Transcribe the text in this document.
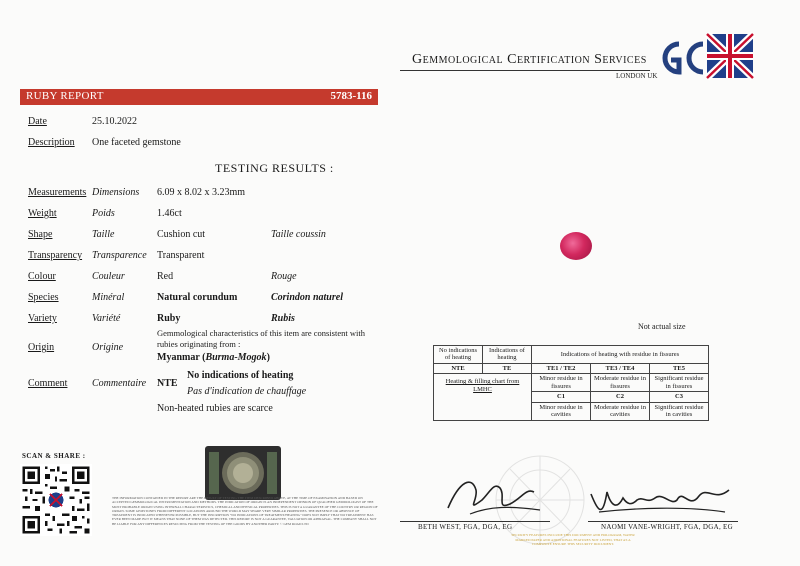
Gemmological Certification Services
LONDON UK
RUBY REPORT	5783-116
Date	25.10.2022
Description One faceted gemstone
TESTING RESULTS :
Measurements Dimensions 6.09 x 8.02 x 3.23mm
Weight	Poids	1.46ct
Shape	Taille	Cushion cut	Taille coussin
Transparency Transparence Transparent
Colour	Couleur	Red	Rouge
Species	Minéral	Natural corundum	Corindon naturel
Variety	Variété	Ruby	Rubis
Origin	Origine
Gemmological characteristics of this item are consistent with rubies originating from :
Myanmar (Burma-Mogok)
Comment Commentaire NTE
No indications of heating
Pas d'indication de chauffage
Non-heated rubies are scarce
Not actual size
No indications of heating	Indications of heating	Indications of heating with residue in fissures		
NTE	TE	TE1 / TE2	TE3 / TE4	TE5
Heating & filling chart from LMHC		Minor residue in fissures	Moderate residue in fissures	Significant residue in fissures
		C1	C2	C3
		Minor residue in cavities	Moderate residue in cavities	Significant residue in cavities
SCAN & SHARE :
THE INFORMATION CONTAINED IN THE REPORT ARE THE RESULT OF TESTING THE ITEM DESCRIBED ABOVE, AT THE TIME OF EXAMINATION AND BASED ON ACCEPTED GEMMOLOGICAL INSTRUMENTATION AND METHODS. THE INDICATION OF ORIGIN IS AN INDEPENDENT OPINION OF QUALIFIED GEMMOLOGIST OF THE MOST PROBABLE ORIGIN USING INTERNAL CHARACTERISTICS, CHEMICAL AND PHYSICAL PROPERTIES. THIS IS NOT A GUARANTEE OF THE COUNTRY OR REGION OF ORIGIN. SOME GEMSTONES FROM DIFFERENT LOCATIONS AROUND THE WORLD MAY SHARE VERY SIMILAR PROPERTIES. THE PRESENCE OR ABSENCE OF TREATMENT IS INDICATED WHENEVER POSSIBLE, BUT THE INSCRIPTION "NO INDICATIONS OF TREATMENT/HEATING" DOES NOT IMPLY THAT NO TREATMENT HAS EVER BEEN MADE BUT IT MEANS THAT NONE OF THEM WAS DETECTED. THIS REPORT IS NOT A GUARANTEE, VALUATION OR APPRAISAL. THE COMPANY SHALL NOT BE LIABLE FOR ANY DIFFERENCES RESULTING FROM THE TESTING OF THE GOODS BY ANOTHER PARTY. © GEM ROAD LTD	BETH WEST, FGA, DGA, EG	NAOMI VANE-WRIGHT, FGA, DGA, EG
SECURITY FEATURES INCLUDE THIS DOCUMENT AND HOLOGRAM, WATER MARKED PAPER AND ADDITIONAL FEATURES NOT LISTED, THAT AS A COMPOSITE ENSURE THIS SECURITY DOCUMENT.
